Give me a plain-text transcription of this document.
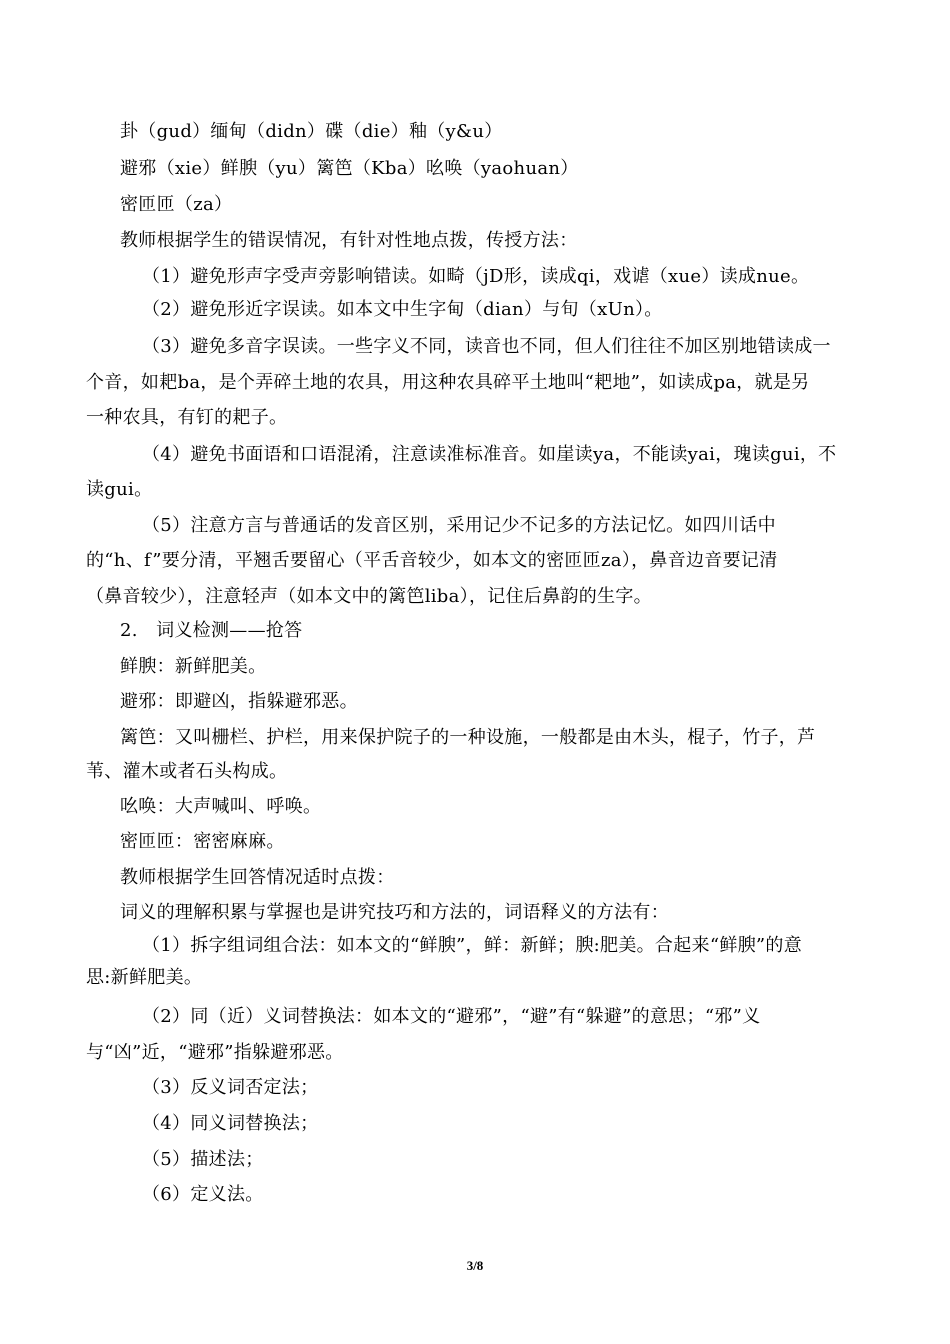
卦（gud）缅甸（didn）碟（die）釉（y&u）
避邪（xie）鲜腴（yu）篱笆（Kba）吆唤（yaohuan）
密匝匝（za）
教师根据学生的错误情况，有针对性地点拨，传授方法：
（1）避免形声字受声旁影响错读。如畸（jD形，读成qi，戏谑（xue）读成nue。
（2）避免形近字误读。如本文中生字甸（dian）与旬（xUn）。
（3）避免多音字误读。一些字义不同，读音也不同，但人们往往不加区别地错读成一
个音，如耙ba，是个弄碎土地的农具，用这种农具碎平土地叫“耙地”，如读成pa，就是另
一种农具，有钉的耙子。
（4）避免书面语和口语混淆，注意读准标准音。如崖读ya，不能读yai，瑰读gui，不
读gui。
（5）注意方言与普通话的发音区别，采用记少不记多的方法记忆。如四川话中
的“h、f”要分清，平翘舌要留心（平舌音较少，如本文的密匝匝za），鼻音边音要记清
（鼻音较少），注意轻声（如本文中的篱笆liba），记住后鼻韵的生字。
2.　词义检测——抢答
鲜腴：新鲜肥美。
避邪：即避凶，指躲避邪恶。
篱笆：又叫栅栏、护栏，用来保护院子的一种设施，一般都是由木头，棍子，竹子，芦
苇、灌木或者石头构成。
吆唤：大声喊叫、呼唤。
密匝匝：密密麻麻。
教师根据学生回答情况适时点拨：
词义的理解积累与掌握也是讲究技巧和方法的，词语释义的方法有：
（1）拆字组词组合法：如本文的“鲜腴”，鲜：新鲜；腴:肥美。合起来“鲜腴”的意
思:新鲜肥美。
（2）同（近）义词替换法：如本文的“避邪”，“避”有“躲避”的意思；“邪”义
与“凶”近，“避邪”指躲避邪恶。
（3）反义词否定法；
（4）同义词替换法；
（5）描述法；
（6）定义法。
3/8
